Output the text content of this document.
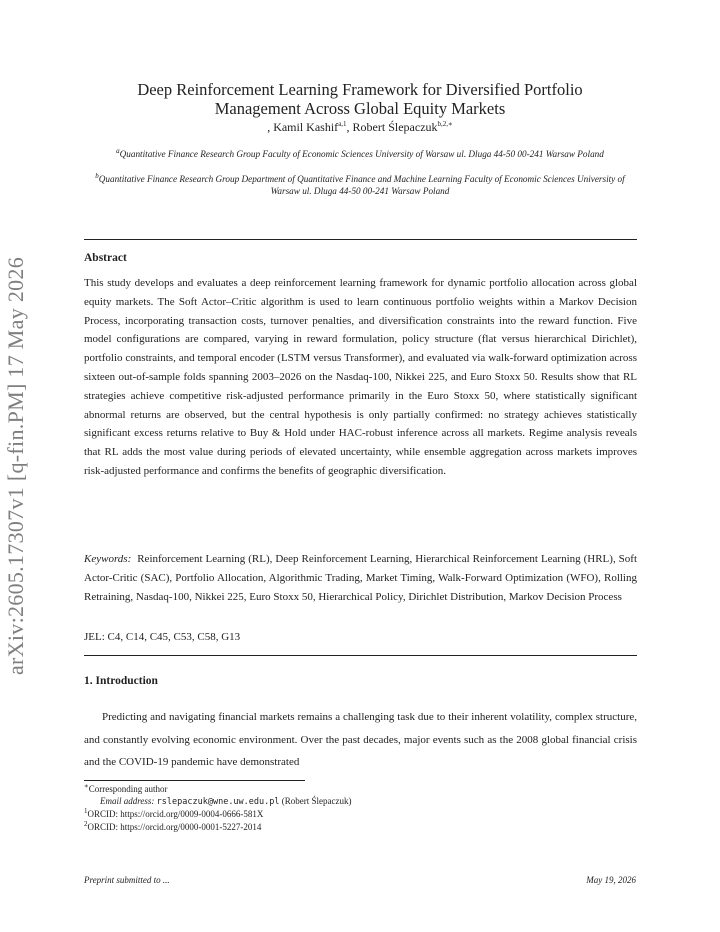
arXiv:2605.17307v1 [q-fin.PM] 17 May 2026
Deep Reinforcement Learning Framework for Diversified Portfolio
Management Across Global Equity Markets
, Kamil Kashif$^{a,1}$, Robert Ślepaczuk$^{b,2,∗}$
$^a$Quantitative Finance Research Group Faculty of Economic Sciences University of Warsaw ul. Dluga 44-50 00-241 Warsaw Poland
$^b$Quantitative Finance Research Group Department of Quantitative Finance and Machine Learning Faculty of Economic Sciences University of Warsaw ul. Dluga 44-50 00-241 Warsaw Poland
Abstract

This study develops and evaluates a deep reinforcement learning framework for dynamic portfolio allocation across global equity markets. The Soft Actor–Critic algorithm is used to learn continuous portfolio weights within a Markov Decision Process, incorporating transaction costs, turnover penalties, and diversification constraints into the reward function. Five model configurations are compared, varying in reward formulation, policy structure (flat versus hierarchical Dirichlet), portfolio constraints, and temporal encoder (LSTM versus Transformer), and evaluated via walk-forward optimization across sixteen out-of-sample folds spanning 2003–2026 on the Nasdaq-100, Nikkei 225, and Euro Stoxx 50. Results show that RL strategies achieve competitive risk-adjusted performance primarily in the Euro Stoxx 50, where statistically significant abnormal returns are observed, but the central hypothesis is only partially confirmed: no strategy achieves statistically significant excess returns relative to Buy & Hold under HAC-robust inference across all markets. Regime analysis reveals that RL adds the most value during periods of elevated uncertainty, while ensemble aggregation across markets improves risk-adjusted performance and confirms the benefits of geographic diversification.

Keywords: Reinforcement Learning (RL), Deep Reinforcement Learning, Hierarchical Reinforcement Learning (HRL), Soft Actor-Critic (SAC), Portfolio Allocation, Algorithmic Trading, Market Timing, Walk-Forward Optimization (WFO), Rolling Retraining, Nasdaq-100, Nikkei 225, Euro Stoxx 50, Hierarchical Policy, Dirichlet Distribution, Markov Decision Process

JEL: C4, C14, C45, C53, C58, G13
1. Introduction

Predicting and navigating financial markets remains a challenging task due to their inherent volatility, complex structure, and constantly evolving economic environment. Over the past decades, major events such as the 2008 global financial crisis and the COVID-19 pandemic have demonstrated

∗Corresponding author
Email address: rslepaczuk@wne.uw.edu.pl (Robert Ślepaczuk)
$^1$ORCID: https://orcid.org/0009-0004-0666-581X
$^2$ORCID: https://orcid.org/0000-0001-5227-2014
Preprint submitted to ...	May 19, 2026
